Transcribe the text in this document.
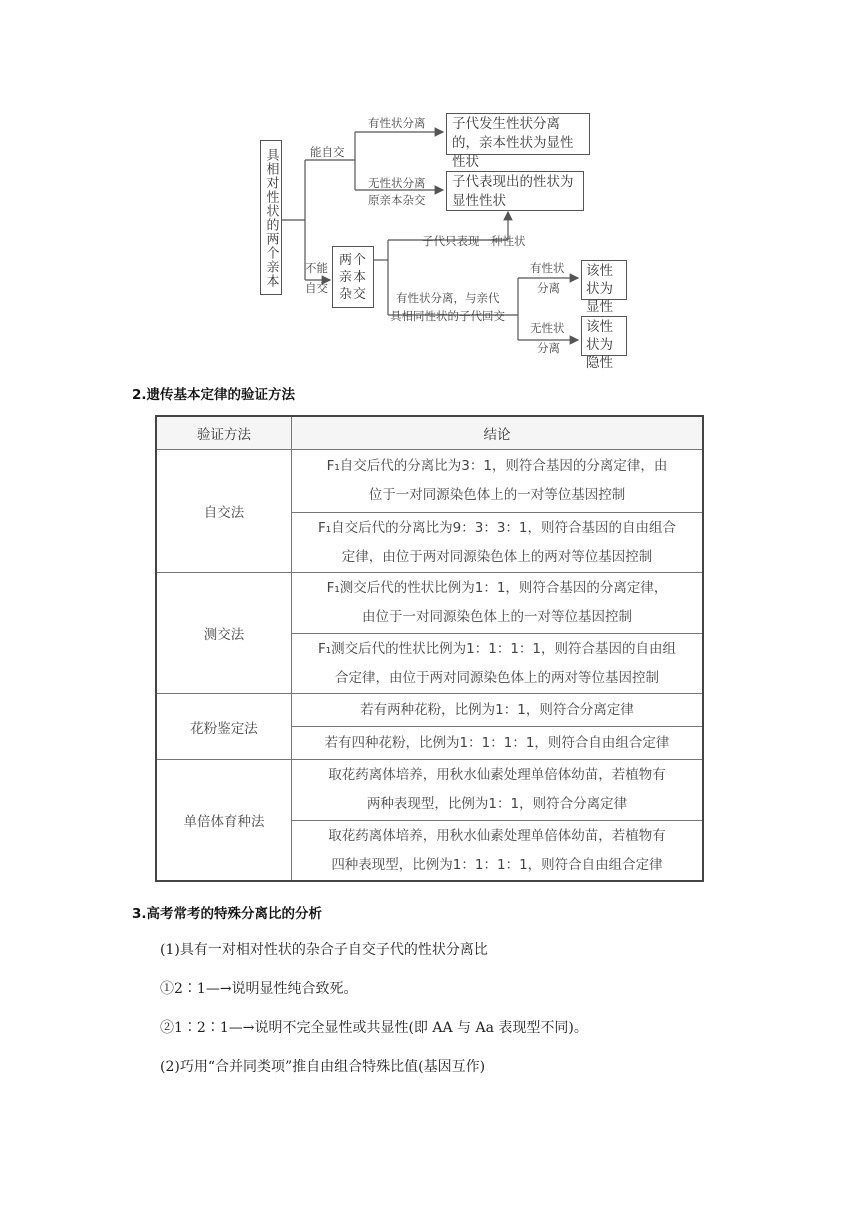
具相对性状的两个亲本	能自交
不能
自交
有性状分离
无性状分离
原亲本杂交
子代发生性状分离的，亲本性状为显性性状
子代表现出的性状为显性性状
两个亲本杂交
子代只表现一种性状
有性状分离，与亲代
具相同性状的子代回交
有性状
分离
无性状
分离
该性状为显性
该性状为隐性
2.遗传基本定律的验证方法
验证方法	结论
自交法	F₁自交后代的分离比为3：1，则符合基因的分离定律，由
位于一对同源染色体上的一对等位基因控制

	F₁自交后代的分离比为9：3：3：1，则符合基因的自由组合
定律，由位于两对同源染色体上的两对等位基因控制

测交法	F₁测交后代的性状比例为1：1，则符合基因的分离定律，
由位于一对同源染色体上的一对等位基因控制

	F₁测交后代的性状比例为1：1：1：1，则符合基因的自由组
合定律，由位于两对同源染色体上的两对等位基因控制

花粉鉴定法	若有两种花粉，比例为1：1，则符合分离定律

	若有四种花粉，比例为1：1：1：1，则符合自由组合定律

单倍体育种法	取花药离体培养，用秋水仙素处理单倍体幼苗，若植物有
两种表现型，比例为1：1，则符合分离定律

	取花药离体培养，用秋水仙素处理单倍体幼苗，若植物有
四种表现型，比例为1：1：1：1，则符合自由组合定律
3.高考常考的特殊分离比的分析
(1)具有一对相对性状的杂合子自交子代的性状分离比
①2∶1—→说明显性纯合致死。
②1∶2∶1—→说明不完全显性或共显性(即 AA 与 Aa 表现型不同)。
(2)巧用“合并同类项”推自由组合特殊比值(基因互作)
